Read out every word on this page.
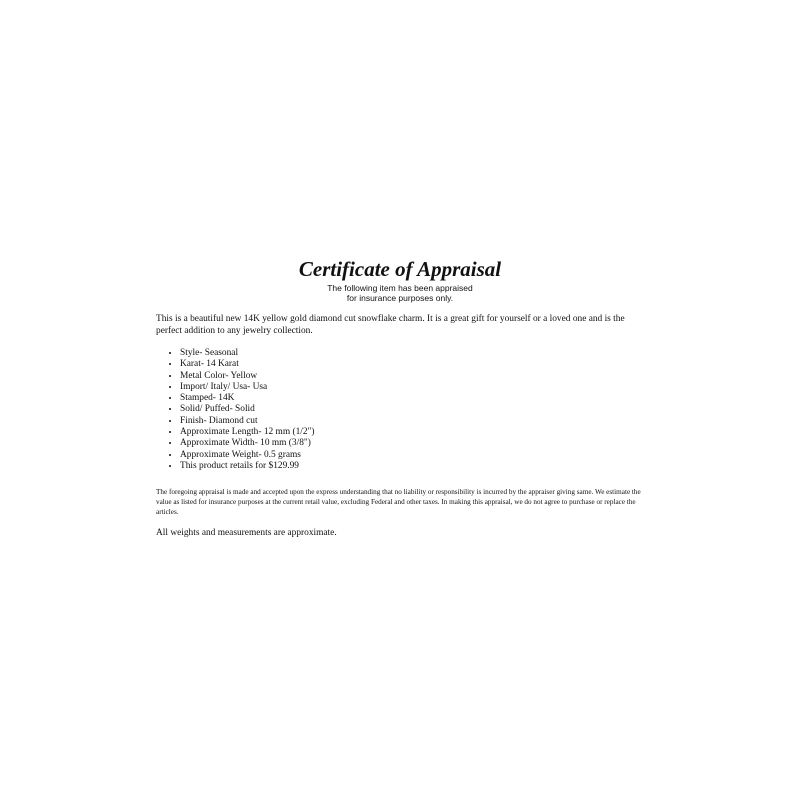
Certificate of Appraisal
The following item has been appraised
for insurance purposes only.

This is a beautiful new 14K yellow gold diamond cut snowflake charm. It is a great gift for yourself or a loved one and is the perfect addition to any jewelry collection.

• Style- Seasonal
• Karat- 14 Karat
• Metal Color- Yellow
• Import/ Italy/ Usa- Usa
• Stamped- 14K
• Solid/ Puffed- Solid
• Finish- Diamond cut
• Approximate Length- 12 mm (1/2")
• Approximate Width- 10 mm (3/8")
• Approximate Weight- 0.5 grams
• This product retails for $129.99

The foregoing appraisal is made and accepted upon the express understanding that no liability or responsibility is incurred by the appraiser giving same. We estimate the value as listed for insurance purposes at the current retail value, excluding Federal and other taxes. In making this appraisal, we do not agree to purchase or replace the articles.

All weights and measurements are approximate.
